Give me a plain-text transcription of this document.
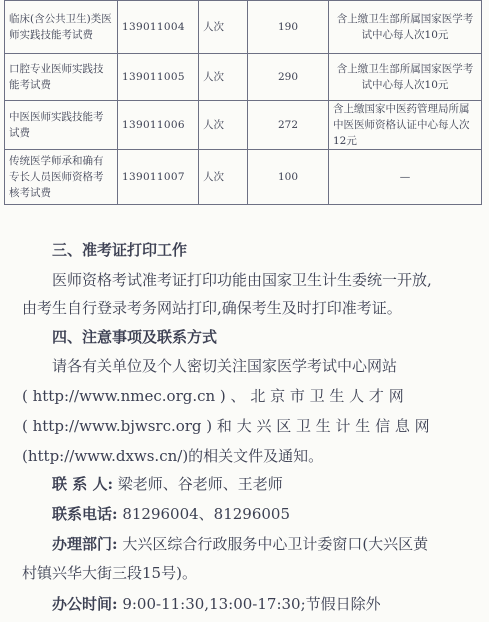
临床(含公共卫生)类医师实践技能考试费	139011004	人次	190	含上缴卫生部所属国家医学考试中心每人次10元
口腔专业医师实践技能考试费	139011005	人次	290	含上缴卫生部所属国家医学考试中心每人次10元
中医医师实践技能考试费	139011006	人次	272	含上缴国家中医药管理局所属中医医师资格认证中心每人次12元
传统医学师承和确有专长人员医师资格考核考试费	139011007	人次	100	—
三、准考证打印工作
医师资格考试准考证打印功能由国家卫生计生委统一开放,
由考生自行登录考务网站打印,确保考生及时打印准考证。
四、注意事项及联系方式
请各有关单位及个人密切关注国家医学考试中心网站
( http://www.nmec.org.cn ) 、 北 京 市 卫 生 人 才 网
( http://www.bjwsrc.org ) 和 大 兴 区 卫 生 计 生 信 息 网
(http://www.dxws.cn/)的相关文件及通知。
联 系 人: 梁老师、谷老师、王老师
联系电话: 81296004、81296005
办理部门: 大兴区综合行政服务中心卫计委窗口(大兴区黄
村镇兴华大街三段15号)。
办公时间: 9:00-11:30,13:00-17:30;节假日除外
